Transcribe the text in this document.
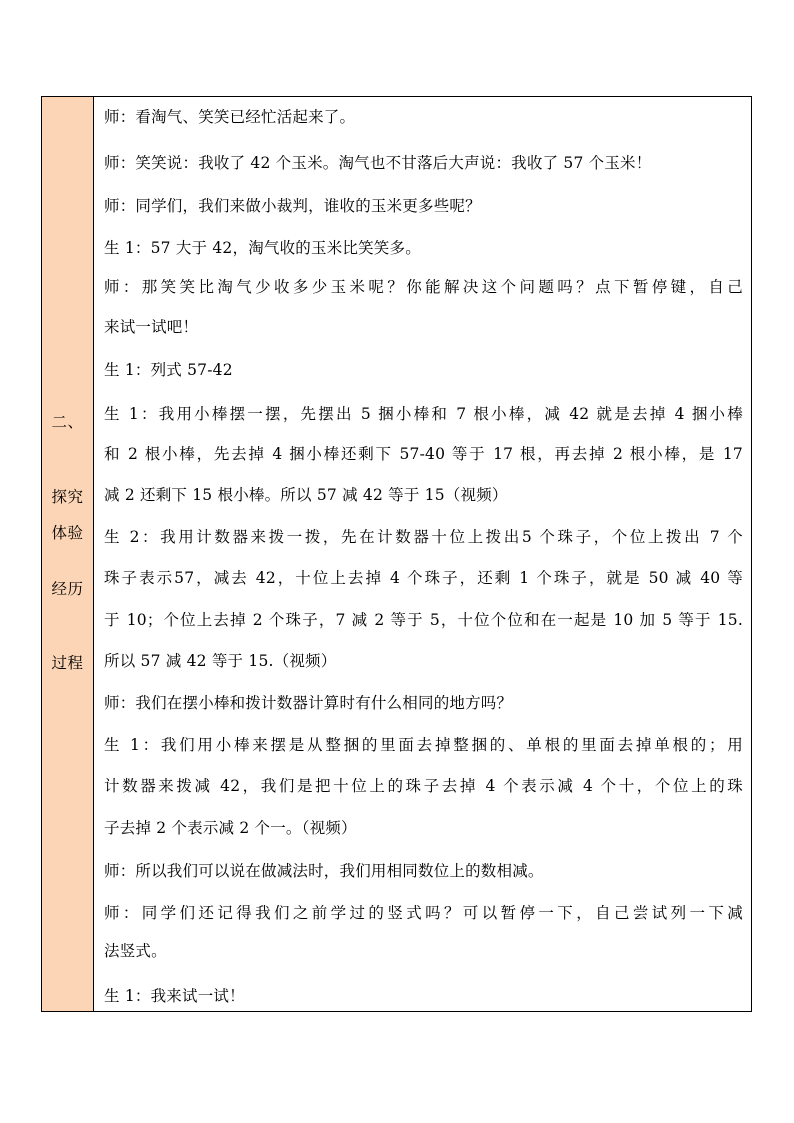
二、
探究
体验
经历
过程
师：看淘气、笑笑已经忙活起来了。
师：笑笑说：我收了 42 个玉米。淘气也不甘落后大声说：我收了 57 个玉米！
师：同学们，我们来做小裁判，谁收的玉米更多些呢？
生 1：57 大于 42，淘气收的玉米比笑笑多。
师：那笑笑比淘气少收多少玉米呢？你能解决这个问题吗？点下暂停键，自己
来试一试吧！
生 1：列式 57-42
生 1：我用小棒摆一摆，先摆出 5 捆小棒和 7 根小棒，减 42 就是去掉 4 捆小棒
和 2 根小棒，先去掉 4 捆小棒还剩下 57-40 等于 17 根，再去掉 2 根小棒，是 17
减 2 还剩下 15 根小棒。所以 57 减 42 等于 15（视频）
生 2：我用计数器来拨一拨，先在计数器十位上拨出5 个珠子，个位上拨出 7 个
珠子表示57，减去 42，十位上去掉 4 个珠子，还剩 1 个珠子，就是 50 减 40 等
于 10；个位上去掉 2 个珠子，7 减 2 等于 5，十位个位和在一起是 10 加 5 等于 15.
所以 57 减 42 等于 15.（视频）
师：我们在摆小棒和拨计数器计算时有什么相同的地方吗？
生 1：我们用小棒来摆是从整捆的里面去掉整捆的、单根的里面去掉单根的；用
计数器来拨减 42，我们是把十位上的珠子去掉 4 个表示减 4 个十，个位上的珠
子去掉 2 个表示减 2 个一。（视频）
师：所以我们可以说在做减法时，我们用相同数位上的数相减。
师：同学们还记得我们之前学过的竖式吗？可以暂停一下，自己尝试列一下减
法竖式。
生 1：我来试一试！
